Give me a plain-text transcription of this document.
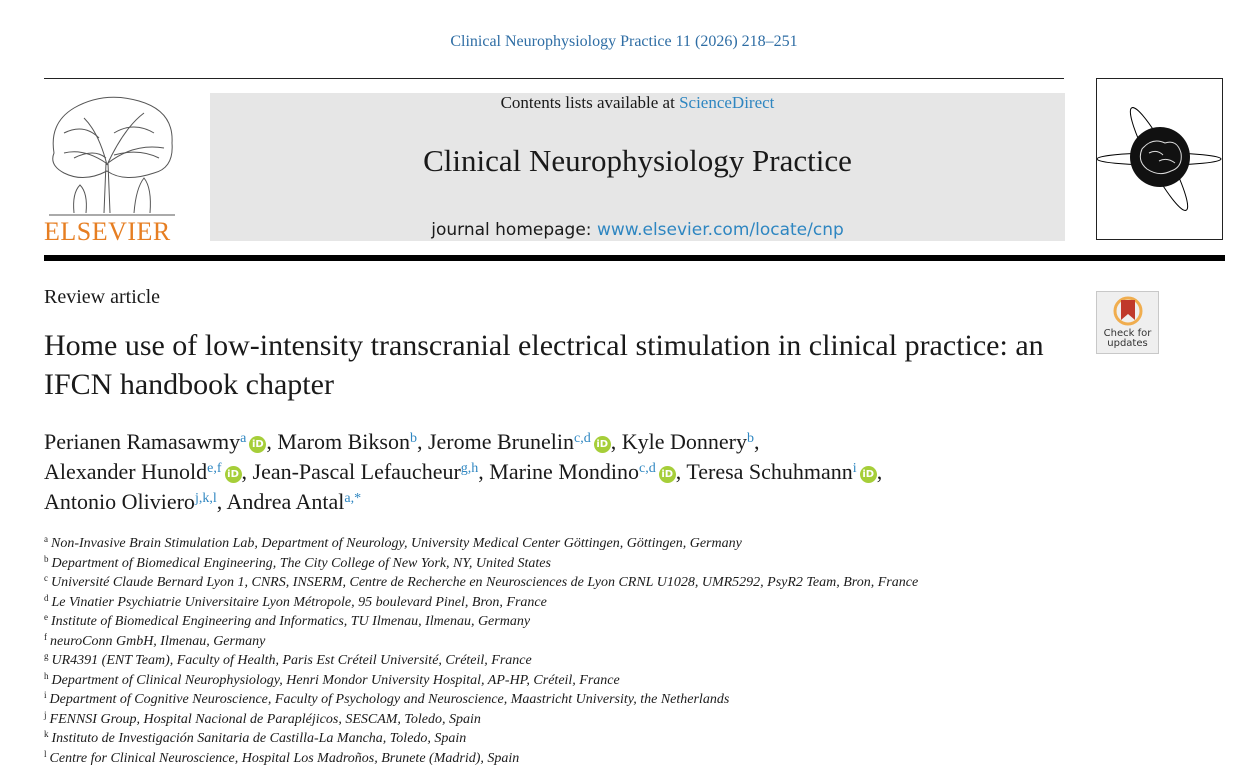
Clinical Neurophysiology Practice 11 (2026) 218–251
ELSEVIER
Contents lists available at ScienceDirect
Clinical Neurophysiology Practice
journal homepage: www.elsevier.com/locate/cnp
Review article
Check for
updates
Home use of low-intensity transcranial electrical stimulation in clinical practice: an IFCN handbook chapter
Perianen Ramasawmy$^a$ iD , Marom Bikson$^b$, Jerome Brunelin$^{c,d}$ iD , Kyle Donnery$^b$,
Alexander Hunold$^{e,f}$ iD , Jean-Pascal Lefaucheur$^{g,h}$, Marine Mondino$^{c,d}$ iD , Teresa Schuhmann$^i$ iD ,
Antonio Oliviero$^{j,k,l}$, Andrea Antal$^{a,*}$
$^a$ Non-Invasive Brain Stimulation Lab, Department of Neurology, University Medical Center Göttingen, Göttingen, Germany
$^b$ Department of Biomedical Engineering, The City College of New York, NY, United States
$^c$ Université Claude Bernard Lyon 1, CNRS, INSERM, Centre de Recherche en Neurosciences de Lyon CRNL U1028, UMR5292, PsyR2 Team, Bron, France
$^d$ Le Vinatier Psychiatrie Universitaire Lyon Métropole, 95 boulevard Pinel, Bron, France
$^e$ Institute of Biomedical Engineering and Informatics, TU Ilmenau, Ilmenau, Germany
$^f$ neuroConn GmbH, Ilmenau, Germany
$^g$ UR4391 (ENT Team), Faculty of Health, Paris Est Créteil Université, Créteil, France
$^h$ Department of Clinical Neurophysiology, Henri Mondor University Hospital, AP-HP, Créteil, France
$^i$ Department of Cognitive Neuroscience, Faculty of Psychology and Neuroscience, Maastricht University, the Netherlands
$^j$ FENNSI Group, Hospital Nacional de Parapléjicos, SESCAM, Toledo, Spain
$^k$ Instituto de Investigación Sanitaria de Castilla-La Mancha, Toledo, Spain
$^l$ Centre for Clinical Neuroscience, Hospital Los Madroños, Brunete (Madrid), Spain
